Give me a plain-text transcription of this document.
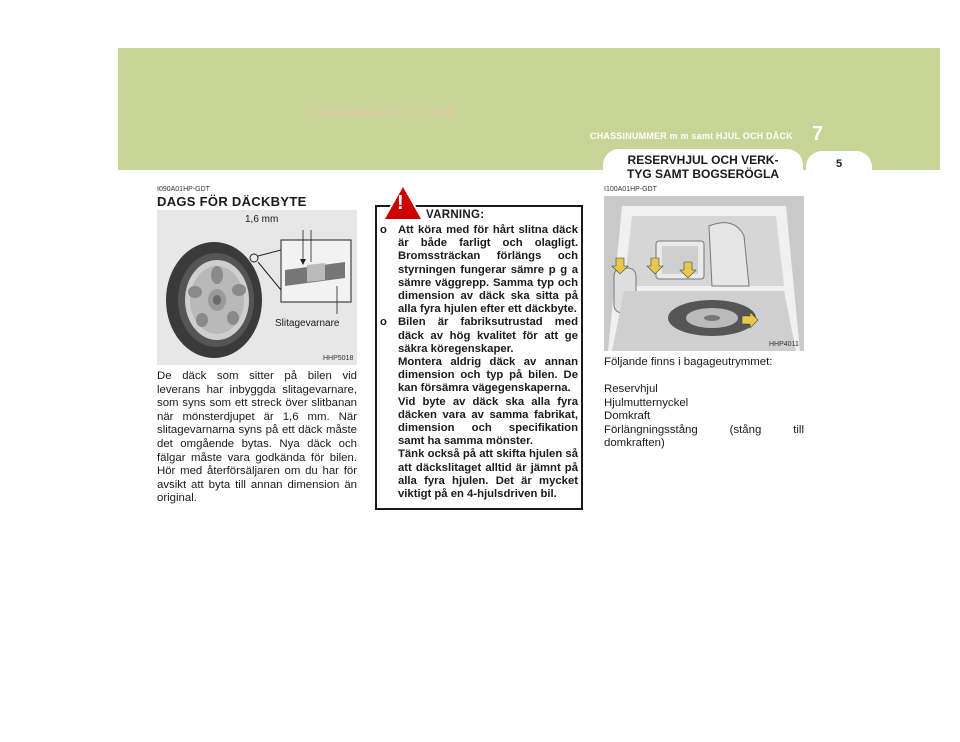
CarManuals2.com
CHASSINUMMER m m samt HJUL OCH DÄCK 7
RESERVHJUL OCH VERK-
TYG SAMT BOGSERÖGLA
5
I090A01HP-GDT
DAGS FÖR DÄCKBYTE
1,6 mm
Slitagevarnare
HHP5018
De däck som sitter på bilen vid leverans har inbyggda slitagevarnare, som syns som ett streck över slitbanan när mönsterdjupet är 1,6 mm. När slitagevarnarna syns på ett däck måste det omgående bytas. Nya däck och fälgar måste vara godkända för bilen. Hör med återförsäljaren om du har för avsikt att byta till annan dimension än original.
!
VARNING:
o Att köra med för hårt slitna däck är både farligt och olagligt. Bromssträckan förlängs och styrningen fungerar sämre p g a sämre väggrepp. Samma typ och dimension av däck ska sitta på alla fyra hjulen efter ett däckbyte.
o Bilen är fabriksutrustad med däck av hög kvalitet för att ge säkra köregenskaper.
Montera aldrig däck av annan dimension och typ på bilen. De kan försämra vägegenskaperna.
Vid byte av däck ska alla fyra däcken vara av samma fabrikat, dimension och specifikation samt ha samma mönster.
Tänk också på att skifta hjulen så att däckslitaget alltid är jämnt på alla fyra hjulen. Det är mycket viktigt på en 4-hjulsdriven bil.
I100A01HP-GDT
HHP4011
Följande finns i bagageutrymmet:
Reservhjul
Hjulmutternyckel
Domkraft
Förlängningsstång (stång till domkraften)
